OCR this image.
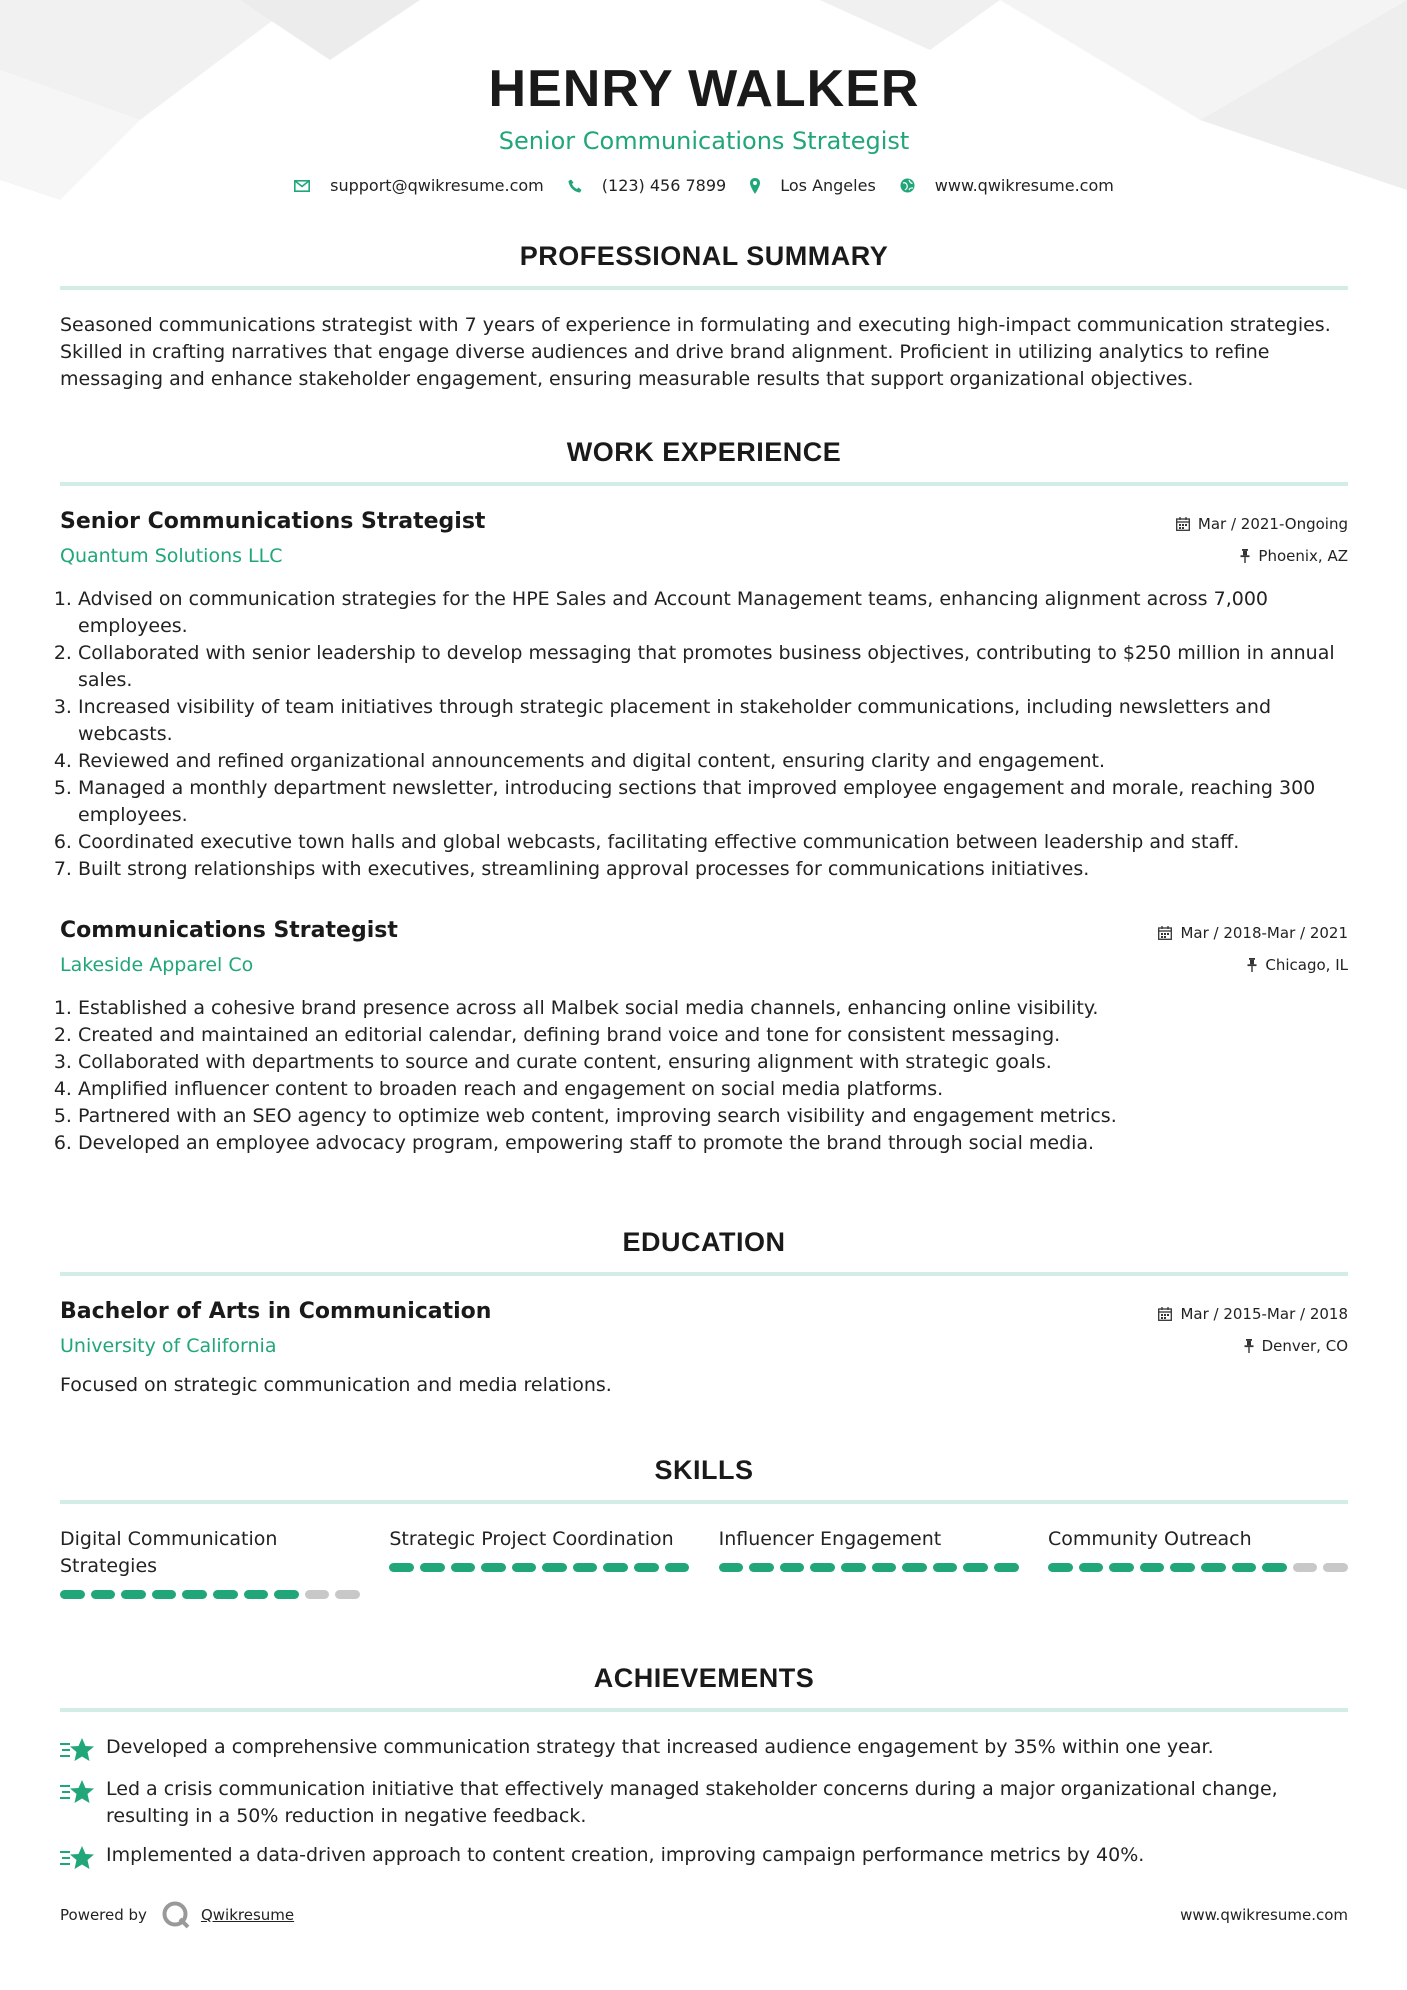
HENRY WALKER
Senior Communications Strategist
support@qwikresume.com	(123) 456 7899	Los Angeles	www.qwikresume.com
PROFESSIONAL SUMMARY
Seasoned communications strategist with 7 years of experience in formulating and executing high-impact communication strategies. Skilled in crafting narratives that engage diverse audiences and drive brand alignment. Proficient in utilizing analytics to refine messaging and enhance stakeholder engagement, ensuring measurable results that support organizational objectives.
WORK EXPERIENCE
Senior Communications Strategist
Quantum Solutions LLC
Mar / 2021-Ongoing
Phoenix, AZ
1. Advised on communication strategies for the HPE Sales and Account Management teams, enhancing alignment across 7,000 employees.
2. Collaborated with senior leadership to develop messaging that promotes business objectives, contributing to $250 million in annual sales.
3. Increased visibility of team initiatives through strategic placement in stakeholder communications, including newsletters and webcasts.
4. Reviewed and refined organizational announcements and digital content, ensuring clarity and engagement.
5. Managed a monthly department newsletter, introducing sections that improved employee engagement and morale, reaching 300 employees.
6. Coordinated executive town halls and global webcasts, facilitating effective communication between leadership and staff.
7. Built strong relationships with executives, streamlining approval processes for communications initiatives.
Communications Strategist
Lakeside Apparel Co
Mar / 2018-Mar / 2021
Chicago, IL
1. Established a cohesive brand presence across all Malbek social media channels, enhancing online visibility.
2. Created and maintained an editorial calendar, defining brand voice and tone for consistent messaging.
3. Collaborated with departments to source and curate content, ensuring alignment with strategic goals.
4. Amplified influencer content to broaden reach and engagement on social media platforms.
5. Partnered with an SEO agency to optimize web content, improving search visibility and engagement metrics.
6. Developed an employee advocacy program, empowering staff to promote the brand through social media.
EDUCATION
Bachelor of Arts in Communication
University of California
Mar / 2015-Mar / 2018
Denver, CO
Focused on strategic communication and media relations.
SKILLS
Digital Communication Strategies
Strategic Project Coordination	Influencer Engagement	Community Outreach
ACHIEVEMENTS
Developed a comprehensive communication strategy that increased audience engagement by 35% within one year.
Led a crisis communication initiative that effectively managed stakeholder concerns during a major organizational change, resulting in a 50% reduction in negative feedback.
Implemented a data-driven approach to content creation, improving campaign performance metrics by 40%.
Powered by	Qwikresume	www.qwikresume.com
